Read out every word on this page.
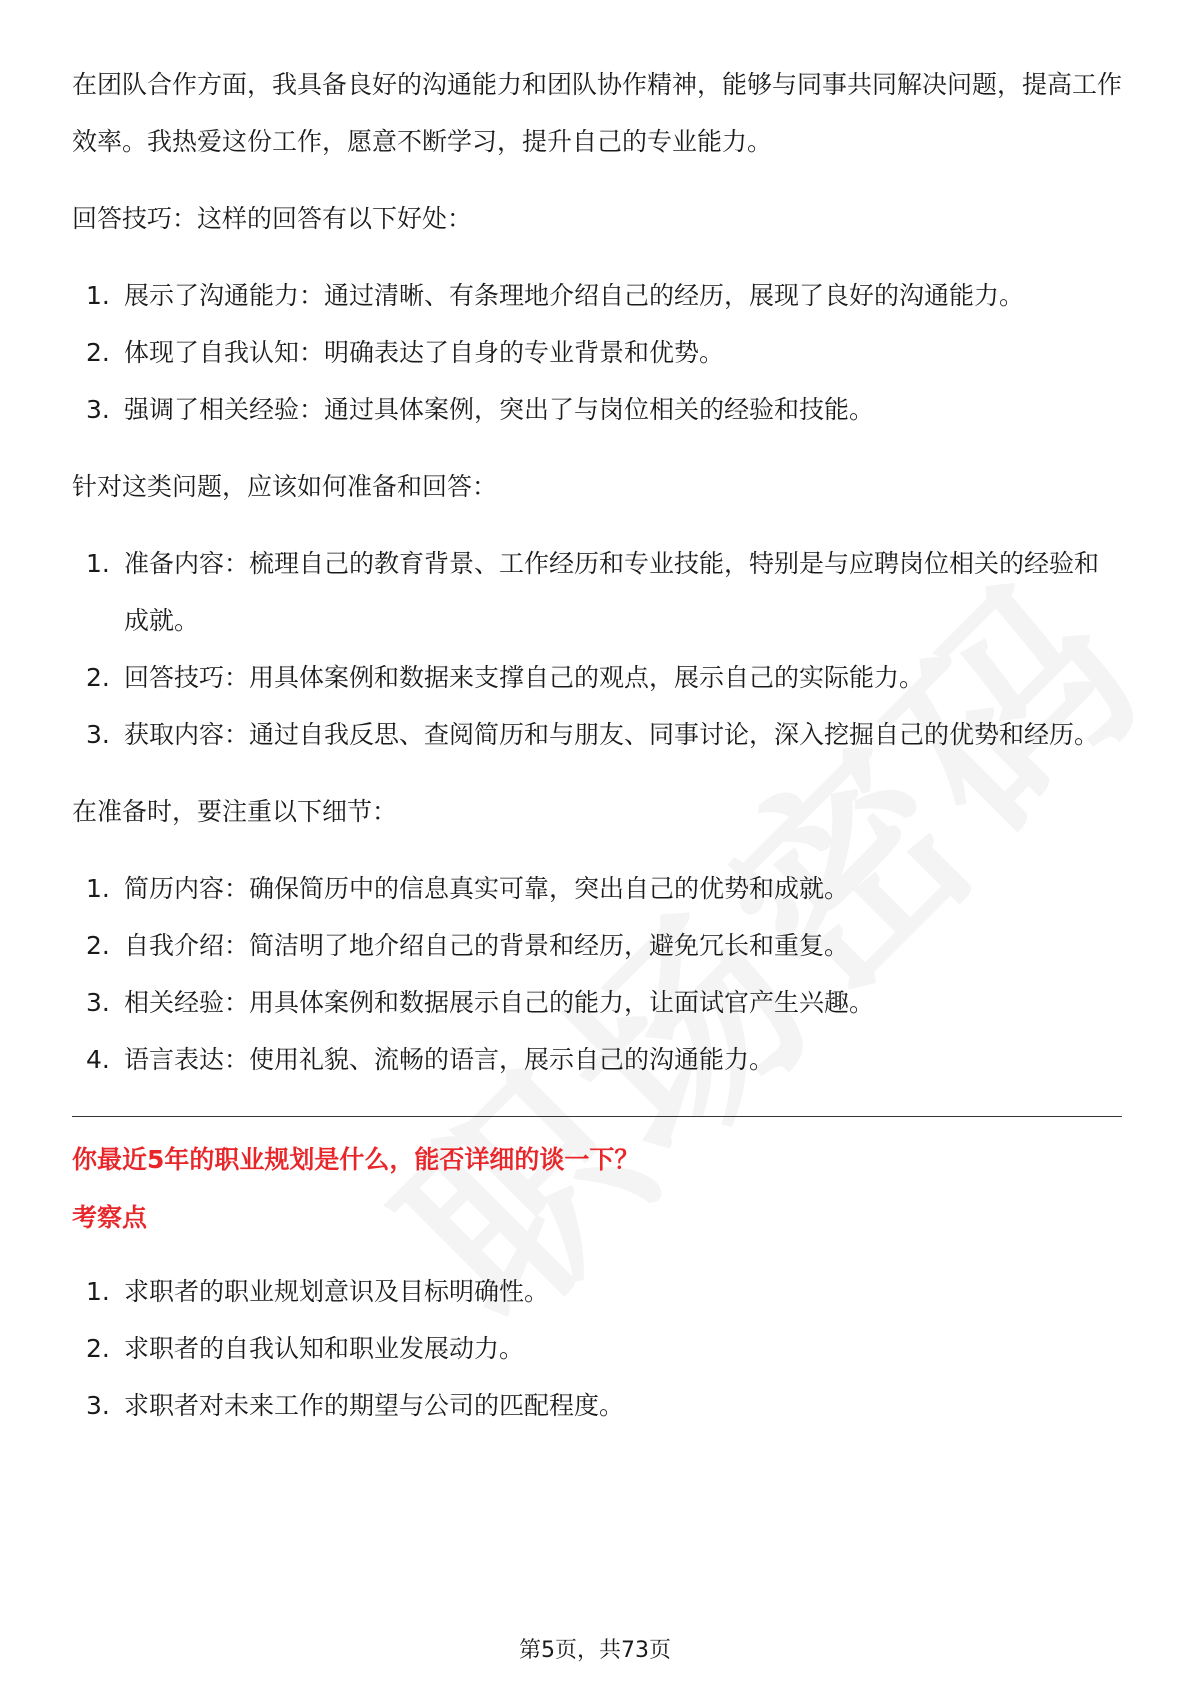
在团队合作方面，我具备良好的沟通能力和团队协作精神，能够与同事共同解决问题，提高工作效率。我热爱这份工作，愿意不断学习，提升自己的专业能力。

回答技巧：这样的回答有以下好处：

1. 展示了沟通能力：通过清晰、有条理地介绍自己的经历，展现了良好的沟通能力。
2. 体现了自我认知：明确表达了自身的专业背景和优势。
3. 强调了相关经验：通过具体案例，突出了与岗位相关的经验和技能。

针对这类问题，应该如何准备和回答：

1. 准备内容：梳理自己的教育背景、工作经历和专业技能，特别是与应聘岗位相关的经验和成就。
2. 回答技巧：用具体案例和数据来支撑自己的观点，展示自己的实际能力。
3. 获取内容：通过自我反思、查阅简历和与朋友、同事讨论，深入挖掘自己的优势和经历。

在准备时，要注重以下细节：

1. 简历内容：确保简历中的信息真实可靠，突出自己的优势和成就。
2. 自我介绍：简洁明了地介绍自己的背景和经历，避免冗长和重复。
3. 相关经验：用具体案例和数据展示自己的能力，让面试官产生兴趣。
4. 语言表达：使用礼貌、流畅的语言，展示自己的沟通能力。

你最近5年的职业规划是什么，能否详细的谈一下？

考察点

1. 求职者的职业规划意识及目标明确性。
2. 求职者的自我认知和职业发展动力。
3. 求职者对未来工作的期望与公司的匹配程度。
第5页，共73页
